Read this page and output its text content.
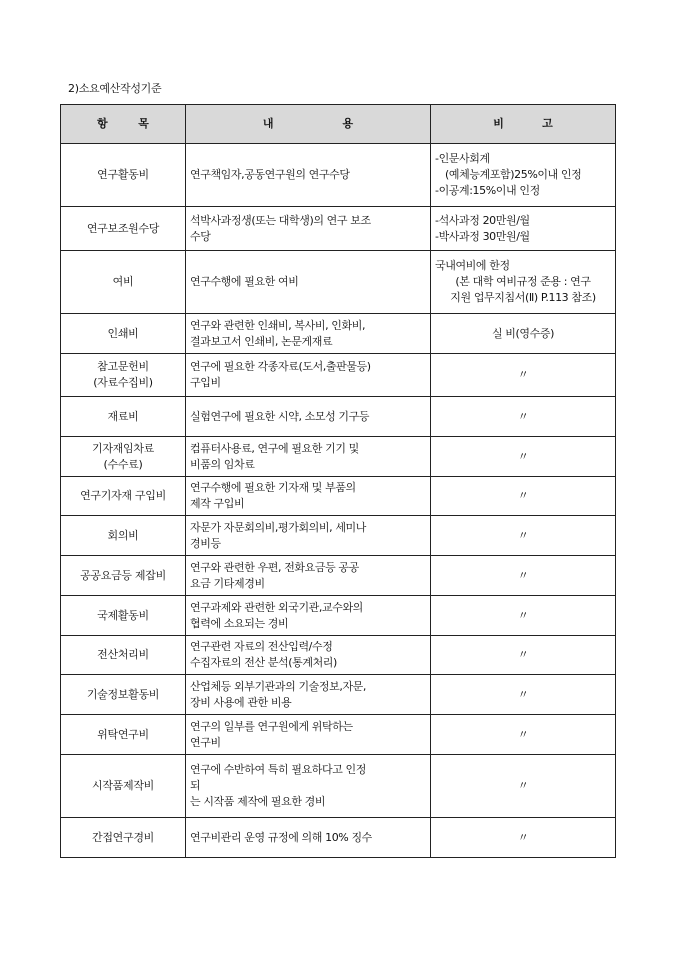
2)소요예산작성기준
항        목	내                  용	비          고

연구활동비	연구책임자,공동연구원의 연구수당	-인문사회계
(예체능계포함)25%이내 인정
-이공계:15%이내 인정

연구보조원수당	석박사과정생(또는 대학생)의 연구 보조
수당	-석사과정 20만원/월
-박사과정 30만원/월

여비	연구수행에 필요한 여비	국내여비에 한정
(본 대학 여비규정 준용 : 연구
지원 업무지침서(Ⅱ) P.113 참조)

인쇄비	연구와 관련한 인쇄비, 복사비, 인화비,
결과보고서 인쇄비, 논문게재료	실 비(영수증)

참고문헌비
(자료수집비)	연구에 필요한 각종자료(도서,출판물등)
구입비	〃

재료비	실험연구에 필요한 시약, 소모성 기구등	〃

기자재임차료
(수수료)	컴퓨터사용료, 연구에 필요한 기기 및
비품의 임차료	〃

연구기자재 구입비	연구수행에 필요한 기자재 및 부품의
제작 구입비	〃

회의비	자문가 자문회의비,평가회의비, 세미나
경비등	〃

공공요금등 제잡비	연구와 관련한 우편, 전화요금등 공공
요금 기타제경비	〃

국제활동비	연구과제와 관련한 외국기관,교수와의
협력에 소요되는 경비	〃

전산처리비	연구관련 자료의 전산입력/수정
수집자료의 전산 분석(통계처리)	〃

기술정보활동비	산업체등 외부기관과의 기술정보,자문,
장비 사용에 관한 비용	〃

위탁연구비	연구의 일부를 연구원에게 위탁하는
연구비	〃

시작품제작비	연구에 수반하여 특히 필요하다고 인정
되
는 시작품 제작에 필요한 경비	〃

간접연구경비	연구비관리 운영 규정에 의해 10% 징수	〃
